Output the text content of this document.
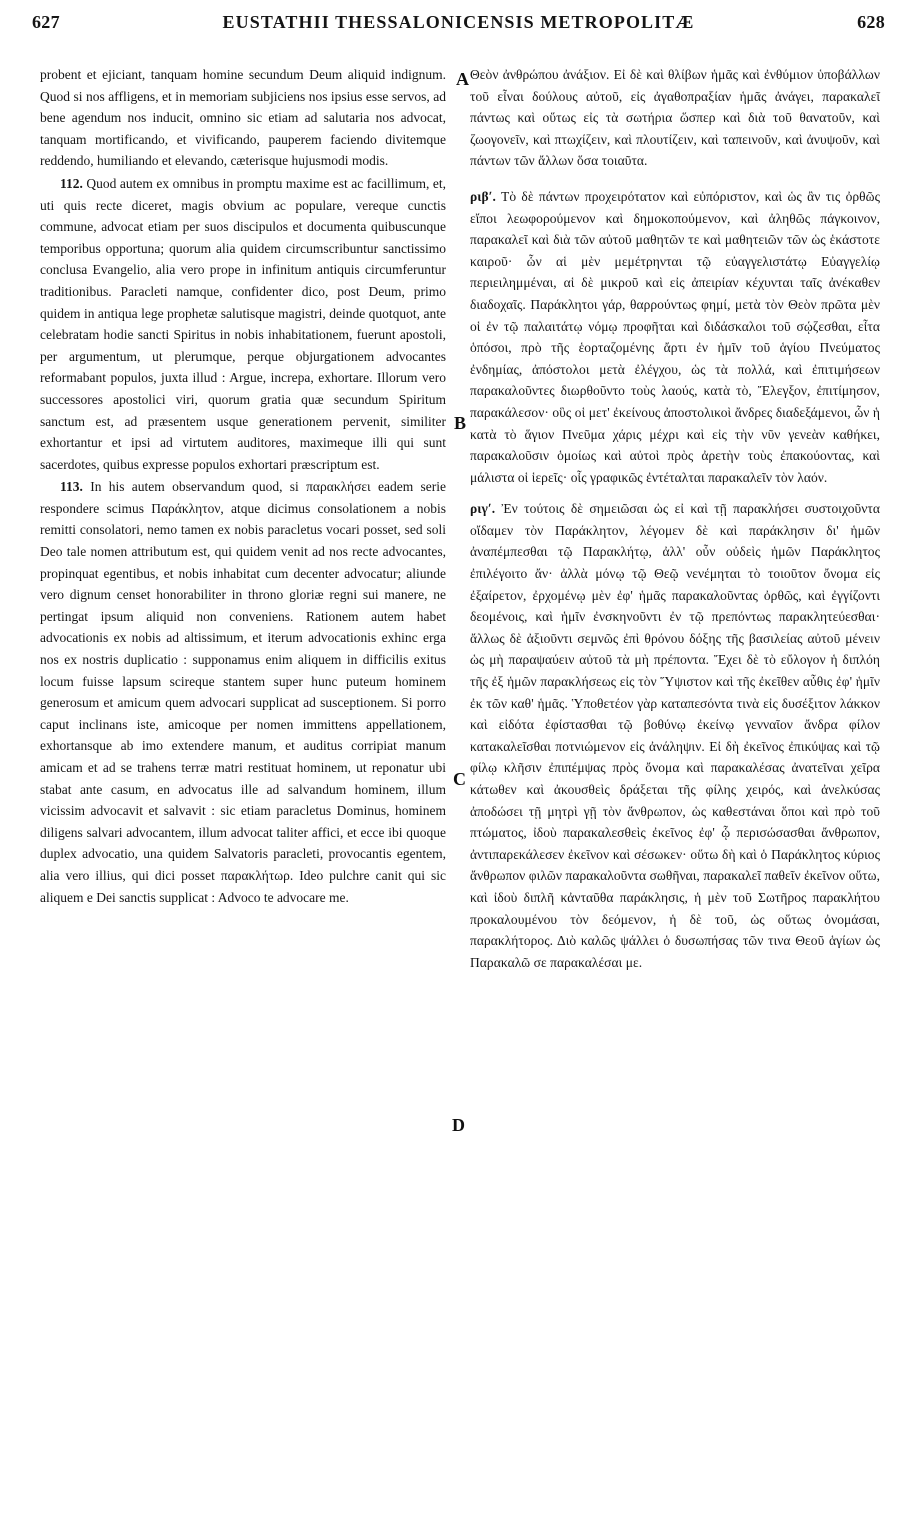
627	EUSTATHII THESSALONICENSIS METROPOLITÆ	628
A
B
C
D

probent et ejiciant, tanquam homine secundum Deum aliquid indignum. Quod si nos affligens, et in memoriam subjiciens nos ipsius esse servos, ad bene agendum nos inducit, omnino sic etiam ad salutaria nos advocat, tanquam mortificando, et vivificando, pauperem faciendo divitemque reddendo, humiliando et elevando, cæterisque hujusmodi modis.

112. Quod autem ex omnibus in promptu maxime est ac facillimum, et, uti quis recte diceret, magis obvium ac populare, vereque cunctis commune, advocat etiam per suos discipulos et documenta quibuscunque temporibus opportuna; quorum alia quidem circumscribuntur sanctissimo conclusa Evangelio, alia vero prope in infinitum antiquis circumferuntur traditionibus. Paracleti namque, confidenter dico, post Deum, primo quidem in antiqua lege prophetæ salutisque magistri, deinde quotquot, ante celebratam hodie sancti Spiritus in nobis inhabitationem, fuerunt apostoli, per argumentum, ut plerumque, perque objurgationem advocantes reformabant populos, juxta illud : Argue, increpa, exhortare. Illorum vero successores apostolici viri, quorum gratia quæ secundum Spiritum sanctum est, ad præsentem usque generationem pervenit, similiter exhortantur et ipsi ad virtutem auditores, maximeque illi qui sunt sacerdotes, quibus expresse populos exhortari præscriptum est.

113. In his autem observandum quod, si παρακλήσει eadem serie respondere scimus Παράκλητον, atque dicimus consolationem a nobis remitti consolatori, nemo tamen ex nobis paracletus vocari posset, sed soli Deo tale nomen attributum est, qui quidem venit ad nos recte advocantes, propinquat egentibus, et nobis inhabitat cum decenter advocatur; aliunde vero dignum censet honorabiliter in throno gloriæ regni sui manere, ne pertingat ipsum aliquid non conveniens. Rationem autem habet advocationis ex nobis ad altissimum, et iterum advocationis exhinc erga nos ex nostris duplicatio : supponamus enim aliquem in difficilis exitus locum fuisse lapsum scireque stantem super hunc puteum hominem generosum et amicum quem advocari supplicat ad susceptionem. Si porro caput inclinans iste, amicoque per nomen immittens appellationem, exhortansque ab imo extendere manum, et auditus corripiat manum amicam et ad se trahens terræ matri restituat hominem, ut reponatur ubi stabat ante casum, en advocatus ille ad salvandum hominem, illum vicissim advocavit et salvavit : sic etiam paracletus Dominus, hominem diligens salvari advocantem, illum advocat taliter affici, et ecce ibi quoque duplex advocatio, una quidem Salvatoris paracleti, provocantis egentem, alia vero illius, qui dici posset παρακλήτωρ. Ideo pulchre canit qui sic aliquem e Dei sanctis supplicat : Advoco te advocare me.

Θεὸν ἀνθρώπου ἀνάξιον. Εἰ δὲ καὶ θλίβων ἡμᾶς καὶ ἐνθύμιον ὑποβάλλων τοῦ εἶναι δούλους αὐτοῦ, εἰς ἀγαθοπραξίαν ἡμᾶς ἀνάγει, παρακαλεῖ πάντως καὶ οὕτως εἰς τὰ σωτήρια ὥσπερ καὶ διὰ τοῦ θανατοῦν, καὶ ζωογονεῖν, καὶ πτωχίζειν, καὶ πλουτίζειν, καὶ ταπεινοῦν, καὶ ἀνυψοῦν, καὶ πάντων τῶν ἄλλων ὅσα τοιαῦτα.

ριβʹ. Τὸ δὲ πάντων προχειρότατον καὶ εὐπόριστον, καὶ ὡς ἂν τις ὀρθῶς εἴποι λεωφορούμενον καὶ δημοκοπούμενον, καὶ ἀληθῶς πάγκοινον, παρακαλεῖ καὶ διὰ τῶν αὐτοῦ μαθητῶν τε καὶ μαθητειῶν τῶν ὡς ἑκάστοτε καιροῦ· ὧν αἱ μὲν μεμέτρηνται τῷ εὐαγγελιστάτῳ Εὐαγγελίῳ περιειλημμέναι, αἱ δὲ μικροῦ καὶ εἰς ἀπειρίαν κέχυνται ταῖς ἀνέκαθεν διαδοχαῖς. Παράκλητοι γάρ, θαρρούντως φημί, μετὰ τὸν Θεὸν πρῶτα μὲν οἱ ἐν τῷ παλαιτάτῳ νόμῳ προφῆται καὶ διδάσκαλοι τοῦ σῴζεσθαι, εἶτα ὁπόσοι, πρὸ τῆς ἑορταζομένης ἄρτι ἐν ἡμῖν τοῦ ἁγίου Πνεύματος ἐνδημίας, ἀπόστολοι μετὰ ἐλέγχου, ὡς τὰ πολλά, καὶ ἐπιτιμήσεων παρακαλοῦντες διωρθοῦντο τοὺς λαούς, κατὰ τὸ, Ἔλεγξον, ἐπιτίμησον, παρακάλεσον· οὓς οἱ μετ' ἐκείνους ἀποστολικοὶ ἄνδρες διαδεξάμενοι, ὧν ἡ κατὰ τὸ ἅγιον Πνεῦμα χάρις μέχρι καὶ εἰς τὴν νῦν γενεὰν καθήκει, παρακαλοῦσιν ὁμοίως καὶ αὐτοὶ πρὸς ἀρετὴν τοὺς ἐπακούοντας, καὶ μάλιστα οἱ ἱερεῖς· οἷς γραφικῶς ἐντέταλται παρακαλεῖν τὸν λαόν.

ριγʹ. Ἐν τούτοις δὲ σημειῶσαι ὡς εἰ καὶ τῇ παρακλήσει συστοιχοῦντα οἴδαμεν τὸν Παράκλητον, λέγομεν δὲ καὶ παράκλησιν δι' ἡμῶν ἀναπέμπεσθαι τῷ Παρακλήτῳ, ἀλλ' οὖν οὐδεὶς ἡμῶν Παράκλητος ἐπιλέγοιτο ἄν· ἀλλὰ μόνῳ τῷ Θεῷ νενέμηται τὸ τοιοῦτον ὄνομα εἰς ἐξαίρετον, ἐρχομένῳ μὲν ἐφ' ἡμᾶς παρακαλοῦντας ὀρθῶς, καὶ ἐγγίζοντι δεομένοις, καὶ ἡμῖν ἐνσκηνοῦντι ἐν τῷ πρεπόντως παρακλητεύεσθαι· ἄλλως δὲ ἀξιοῦντι σεμνῶς ἐπὶ θρόνου δόξης τῆς βασιλείας αὐτοῦ μένειν ὡς μὴ παραψαύειν αὐτοῦ τὰ μὴ πρέποντα. Ἔχει δὲ τὸ εὔλογον ἡ διπλόη τῆς ἐξ ἡμῶν παρακλήσεως εἰς τὸν Ὕψιστον καὶ τῆς ἐκεῖθεν αὖθις ἐφ' ἡμῖν ἐκ τῶν καθ' ἡμᾶς. Ὑποθετέον γὰρ καταπεσόντα τινὰ εἰς δυσέξιτον λάκκον καὶ εἰδότα ἐφίστασθαι τῷ βοθύνῳ ἐκείνῳ γενναῖον ἄνδρα φίλον κατακαλεῖσθαι ποτνιώμενον εἰς ἀνάληψιν. Εἰ δὴ ἐκεῖνος ἐπικύψας καὶ τῷ φίλῳ κλῆσιν ἐπιπέμψας πρὸς ὄνομα καὶ παρακαλέσας ἀνατεῖναι χεῖρα κάτωθεν καὶ ἀκουσθεὶς δράξεται τῆς φίλης χειρός, καὶ ἀνελκύσας ἀποδώσει τῇ μητρὶ γῇ τὸν ἄνθρωπον, ὡς καθεστάναι ὅποι καὶ πρὸ τοῦ πτώματος, ἰδοὺ παρακαλεσθεὶς ἐκεῖνος ἐφ' ᾧ περισώσασθαι ἄνθρωπον, ἀντιπαρεκάλεσεν ἐκεῖνον καὶ σέσωκεν· οὕτω δὴ καὶ ὁ Παράκλητος κύριος ἄνθρωπον φιλῶν παρακαλοῦντα σωθῆναι, παρακαλεῖ παθεῖν ἐκεῖνον οὕτω, καὶ ἰδοὺ διπλῆ κἀνταῦθα παράκλησις, ἡ μὲν τοῦ Σωτῆρος παρακλήτου προκαλουμένου τὸν δεόμενον, ἡ δὲ τοῦ, ὡς οὕτως ὀνομάσαι, παρακλήτορος. Διὸ καλῶς ψάλλει ὁ δυσωπήσας τῶν τινα Θεοῦ ἁγίων ὡς Παρακαλῶ σε παρακαλέσαι με.
